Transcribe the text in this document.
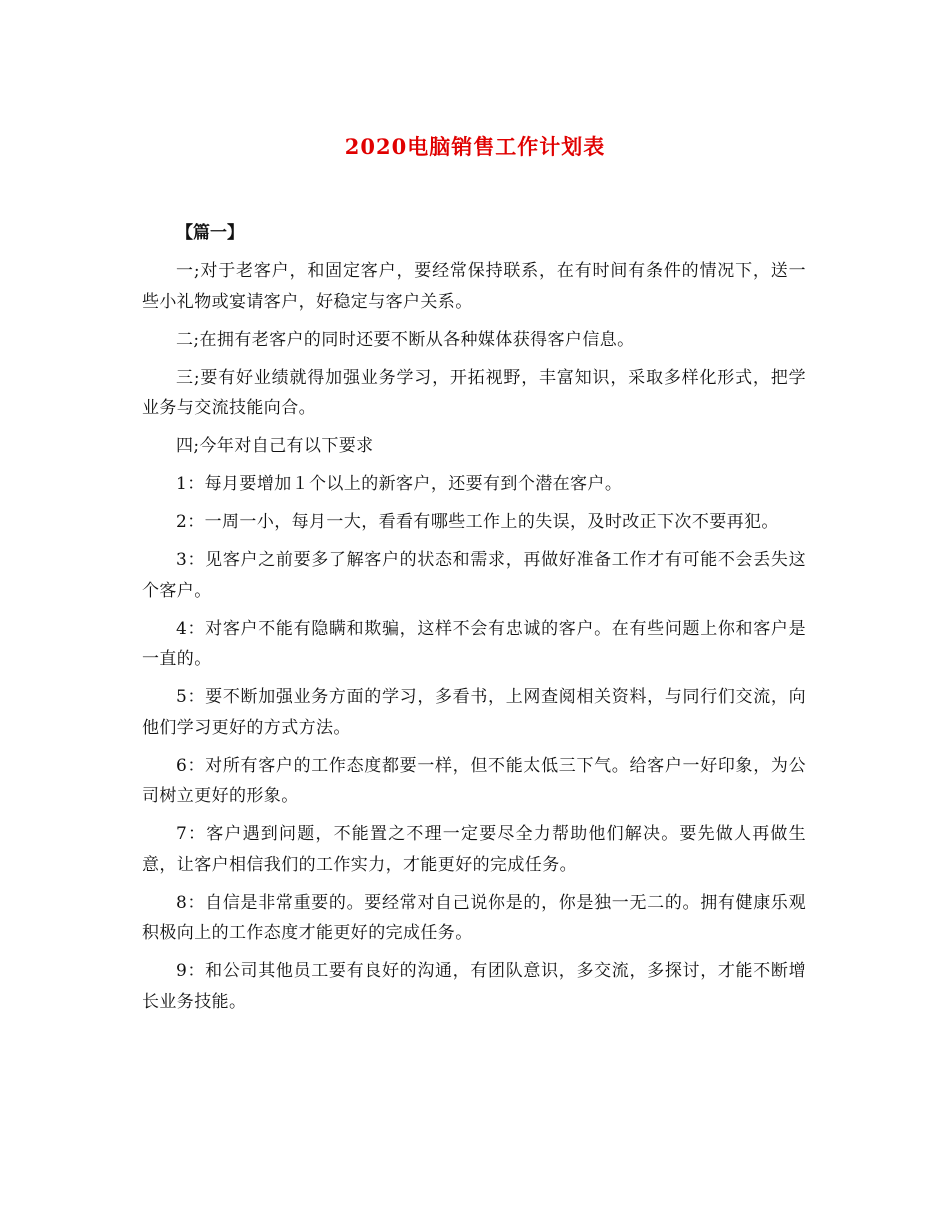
2020电脑销售工作计划表
【篇一】

一;对于老客户，和固定客户，要经常保持联系，在有时间有条件的情况下，送一些小礼物或宴请客户，好稳定与客户关系。

二;在拥有老客户的同时还要不断从各种媒体获得客户信息。

三;要有好业绩就得加强业务学习，开拓视野，丰富知识，采取多样化形式，把学业务与交流技能向合。

四;今年对自己有以下要求

1：每月要增加１个以上的新客户，还要有到个潜在客户。

2：一周一小，每月一大，看看有哪些工作上的失误，及时改正下次不要再犯。

3：见客户之前要多了解客户的状态和需求，再做好准备工作才有可能不会丢失这个客户。

4：对客户不能有隐瞒和欺骗，这样不会有忠诚的客户。在有些问题上你和客户是一直的。

5：要不断加强业务方面的学习，多看书，上网查阅相关资料，与同行们交流，向他们学习更好的方式方法。

6：对所有客户的工作态度都要一样，但不能太低三下气。给客户一好印象，为公司树立更好的形象。

7：客户遇到问题，不能置之不理一定要尽全力帮助他们解决。要先做人再做生意，让客户相信我们的工作实力，才能更好的完成任务。

8：自信是非常重要的。要经常对自己说你是的，你是独一无二的。拥有健康乐观积极向上的工作态度才能更好的完成任务。

9：和公司其他员工要有良好的沟通，有团队意识，多交流，多探讨，才能不断增长业务技能。
